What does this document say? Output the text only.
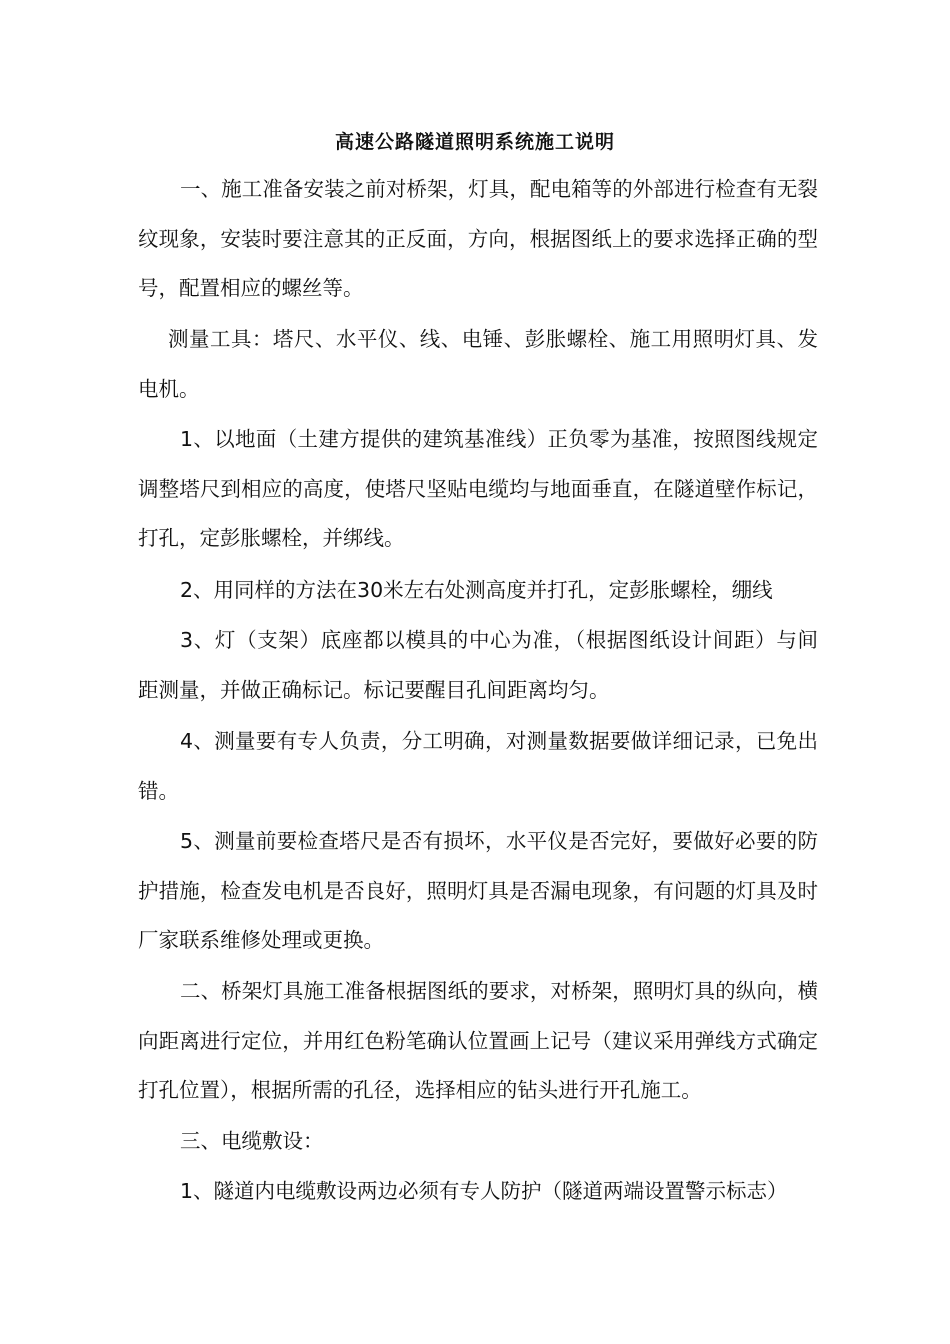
高速公路隧道照明系统施工说明
一、施工准备安装之前对桥架，灯具，配电箱等的外部进行检查有无裂纹现象，安装时要注意其的正反面，方向，根据图纸上的要求选择正确的型号，配置相应的螺丝等。
测量工具：塔尺、水平仪、线、电锤、彭胀螺栓、施工用照明灯具、发电机。
1、以地面（土建方提供的建筑基准线）正负零为基准，按照图线规定调整塔尺到相应的高度，使塔尺坚贴电缆均与地面垂直，在隧道壁作标记，打孔，定彭胀螺栓，并绑线。
2、用同样的方法在30米左右处测高度并打孔，定彭胀螺栓，绷线
3、灯（支架）底座都以模具的中心为准，（根据图纸设计间距）与间距测量，并做正确标记。标记要醒目孔间距离均匀。
4、测量要有专人负责，分工明确，对测量数据要做详细记录，已免出错。
5、测量前要检查塔尺是否有损坏，水平仪是否完好，要做好必要的防护措施，检查发电机是否良好，照明灯具是否漏电现象，有问题的灯具及时厂家联系维修处理或更换。
二、桥架灯具施工准备根据图纸的要求，对桥架，照明灯具的纵向，横向距离进行定位，并用红色粉笔确认位置画上记号（建议采用弹线方式确定打孔位置），根据所需的孔径，选择相应的钻头进行开孔施工。
三、电缆敷设：
1、隧道内电缆敷设两边必须有专人防护（隧道两端设置警示标志）
